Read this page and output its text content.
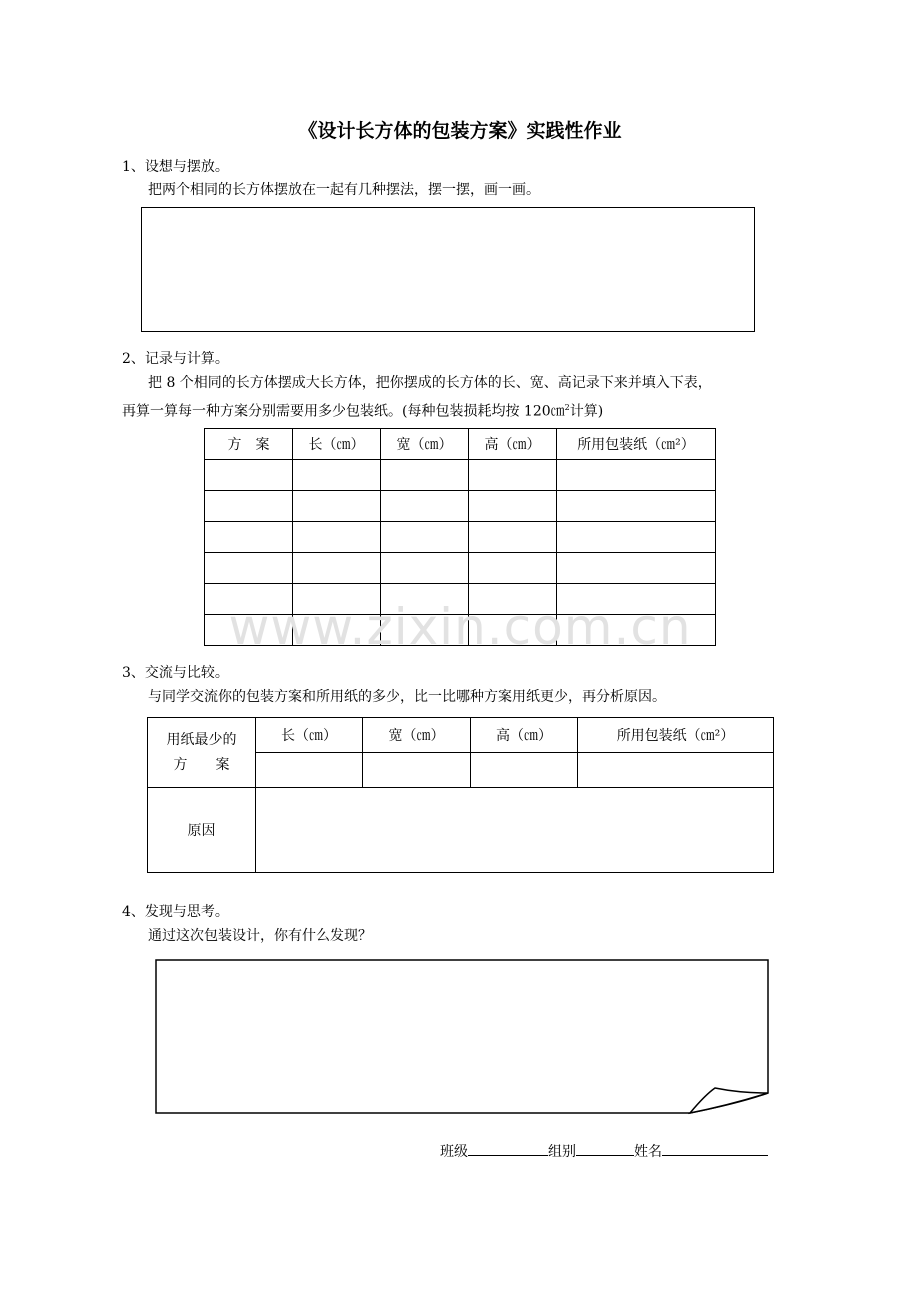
《设计长方体的包装方案》实践性作业
1、设想与摆放。
把两个相同的长方体摆放在一起有几种摆法，摆一摆，画一画。
2、记录与计算。
把 8 个相同的长方体摆成大长方体，把你摆成的长方体的长、宽、高记录下来并填入下表，
再算一算每一种方案分别需要用多少包装纸。(每种包装损耗均按 120㎝$^2$计算)
方　案	长（㎝）	宽（㎝）	高（㎝）	所用包装纸（㎝²）

www.zixin.com.cn
3、交流与比较。
与同学交流你的包装方案和所用纸的多少，比一比哪种方案用纸更少，再分析原因。
用纸最少的
方　　案	长（㎝）	宽（㎝）	高（㎝）	所用包装纸（㎝²）

原因				
4、发现与思考。
通过这次包装设计，你有什么发现？
班级	组别	姓名
